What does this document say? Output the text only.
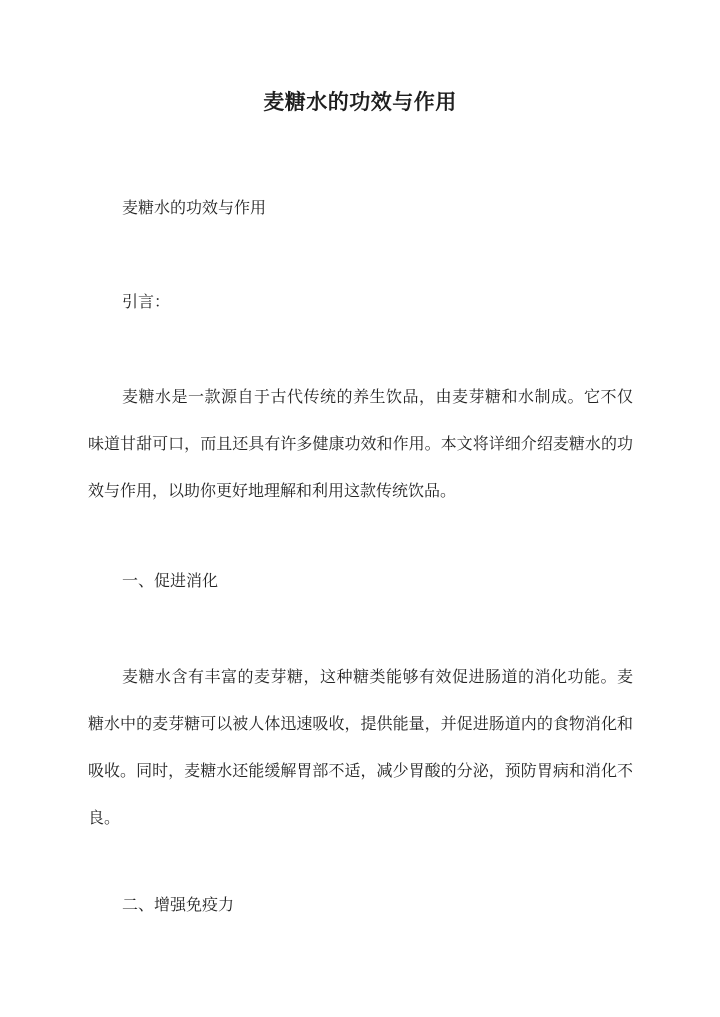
麦糖水的功效与作用

麦糖水的功效与作用

引言：

麦糖水是一款源自于古代传统的养生饮品，由麦芽糖和水制成。它不仅味道甘甜可口，而且还具有许多健康功效和作用。本文将详细介绍麦糖水的功效与作用，以助你更好地理解和利用这款传统饮品。

一、促进消化

麦糖水含有丰富的麦芽糖，这种糖类能够有效促进肠道的消化功能。麦糖水中的麦芽糖可以被人体迅速吸收，提供能量，并促进肠道内的食物消化和吸收。同时，麦糖水还能缓解胃部不适，减少胃酸的分泌，预防胃病和消化不良。

二、增强免疫力
